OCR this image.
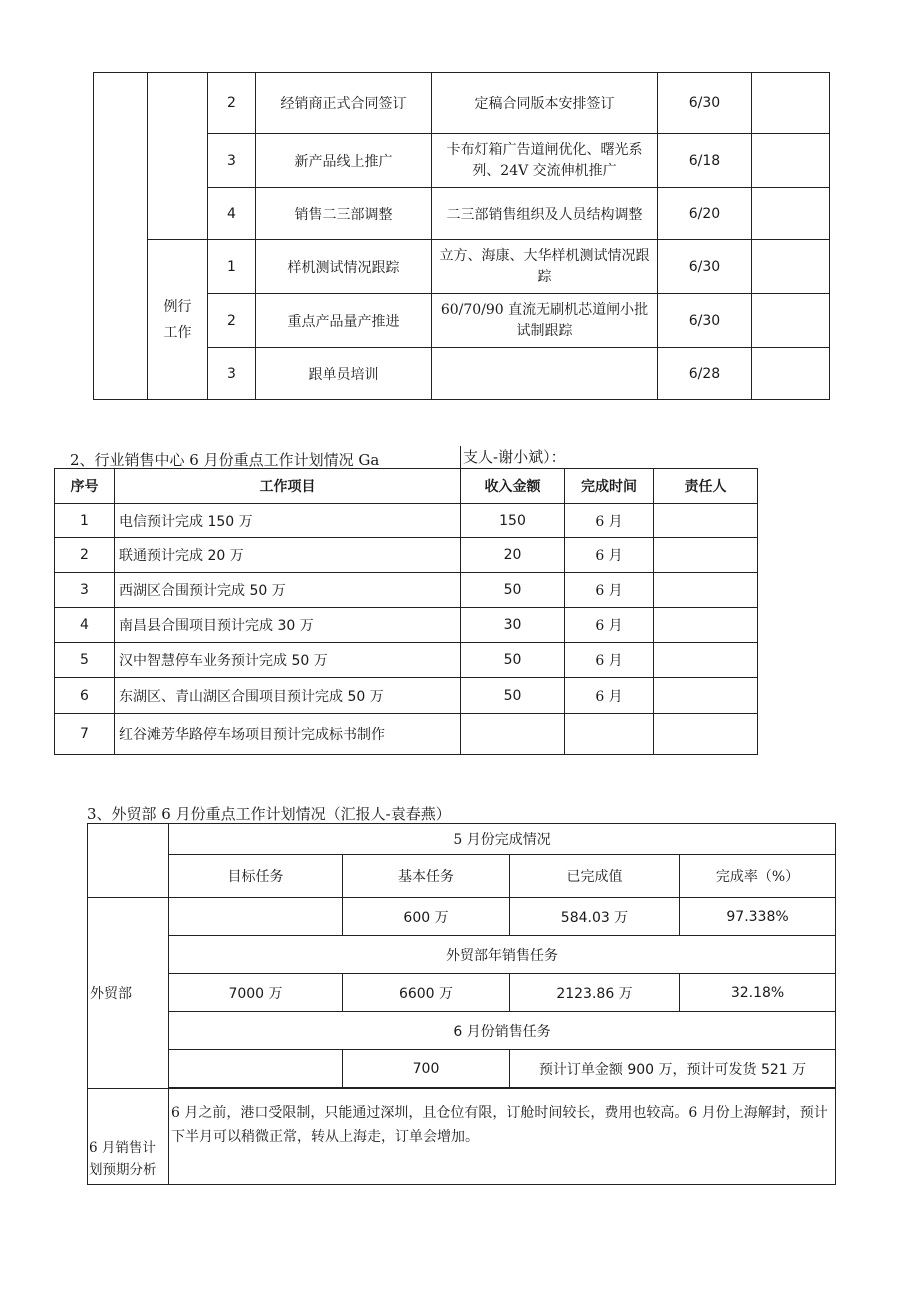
		2	经销商正式合同签订	定稿合同版本安排签订	6/30	
		3	新产品线上推广	卡布灯箱广告道闸优化、曙光系列、24V 交流伸机推广	6/18	
		4	销售二三部调整	二三部销售组织及人员结构调整	6/20	
	例行工作	1	样机测试情况跟踪	立方、海康、大华样机测试情况跟踪	6/30	
		2	重点产品量产推进	60/70/90 直流无刷机芯道闸小批试制跟踪	6/30	
		3	跟单员培训		6/28	
2、行业销售中心 6 月份重点工作计划情况 Ga	支人-谢小斌）：
序号	工作项目	收入金额	完成时间	责任人
1	电信预计完成 150 万	150	6 月	
2	联通预计完成 20 万	20	6 月	
3	西湖区合围预计完成 50 万	50	6 月	
4	南昌县合围项目预计完成 30 万	30	6 月	
5	汉中智慧停车业务预计完成 50 万	50	6 月	
6	东湖区、青山湖区合围项目预计完成 50 万	50	6 月	
7	红谷滩芳华路停车场项目预计完成标书制作			
3、外贸部 6 月份重点工作计划情况（汇报人-袁春燕）
	5 月份完成情况			
	目标任务	基本任务	已完成值	完成率（%）
外贸部		600 万	584.03 万	97.338%
	外贸部年销售任务			
	7000 万	6600 万	2123.86 万	32.18%
	6 月份销售任务			
		700	预计订单金额 900 万，预计可发货 521 万	

6 月销售计划预期分析	6 月之前，港口受限制，只能通过深圳，且仓位有限，订舱时间较长，费用也较高。6 月份上海解封，预计下半月可以稍微正常，转从上海走，订单会增加。			
